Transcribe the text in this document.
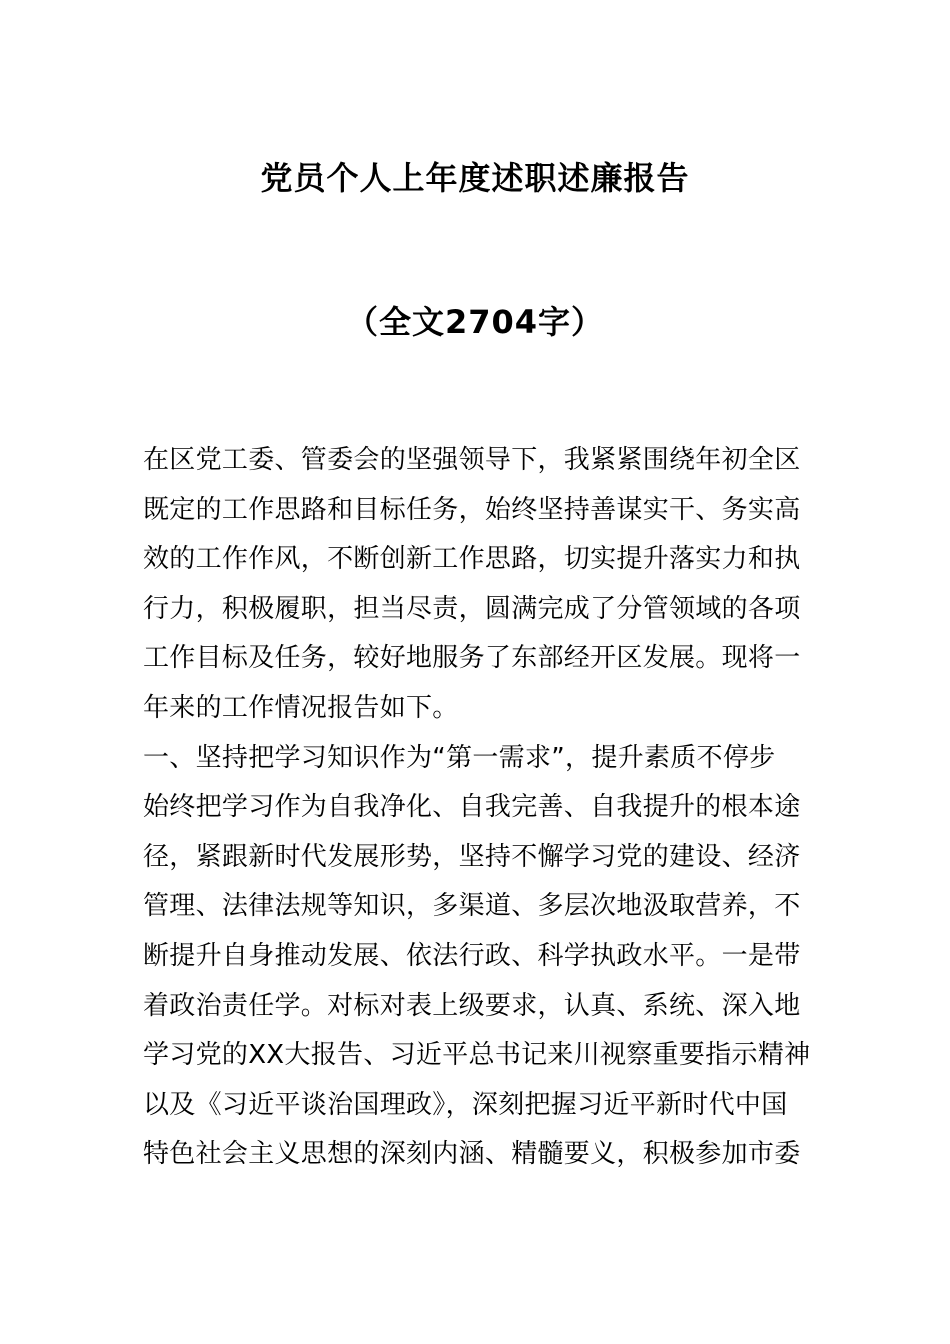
党员个人上年度述职述廉报告
（全文2704字）
在区党工委、管委会的坚强领导下，我紧紧围绕年初全区
既定的工作思路和目标任务，始终坚持善谋实干、务实高
效的工作作风，不断创新工作思路，切实提升落实力和执
行力，积极履职，担当尽责，圆满完成了分管领域的各项
工作目标及任务，较好地服务了东部经开区发展。现将一
年来的工作情况报告如下。
一、坚持把学习知识作为“第一需求”，提升素质不停步
始终把学习作为自我净化、自我完善、自我提升的根本途
径，紧跟新时代发展形势，坚持不懈学习党的建设、经济
管理、法律法规等知识，多渠道、多层次地汲取营养，不
断提升自身推动发展、依法行政、科学执政水平。一是带
着政治责任学。对标对表上级要求，认真、系统、深入地
学习党的XX大报告、习近平总书记来川视察重要指示精神
以及《习近平谈治国理政》，深刻把握习近平新时代中国
特色社会主义思想的深刻内涵、精髓要义，积极参加市委
